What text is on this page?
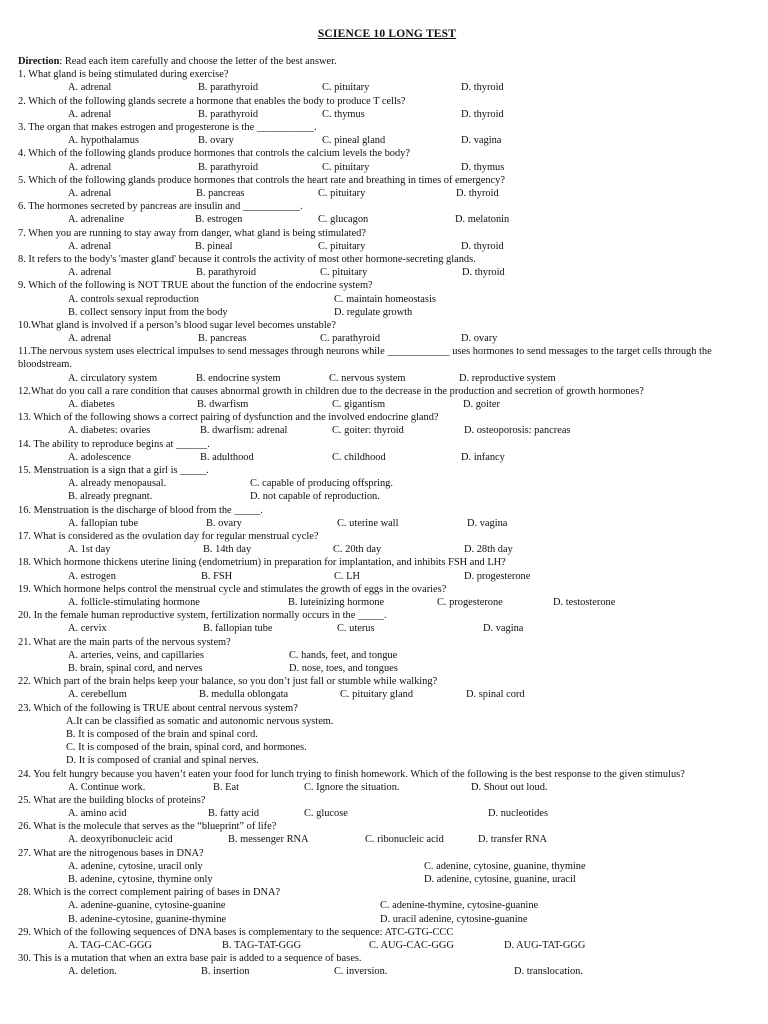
SCIENCE 10 LONG TEST
Direction: Read each item carefully and choose the letter of the best answer.
1. What gland is being stimulated during exercise?
A. adrenal	B. parathyroid	C. pituitary	D. thyroid
2. Which of the following glands secrete a hormone that enables the body to produce T cells?
A. adrenal	B. parathyroid	C. thymus	D. thyroid
3. The organ that makes estrogen and progesterone is the ___________.
A. hypothalamus	B. ovary	C. pineal gland	D. vagina
4. Which of the following glands produce hormones that controls the calcium levels the body?
A. adrenal	B. parathyroid	C. pituitary	D. thymus
5. Which of the following glands produce hormones that controls the heart rate and breathing in times of emergency?
A. adrenal	B. pancreas	C. pituitary	D. thyroid
6. The hormones secreted by pancreas are insulin and ___________.
A. adrenaline	B. estrogen	C. glucagon	D. melatonin
7. When you are running to stay away from danger, what gland is being stimulated?
A. adrenal	B. pineal	C. pituitary	D. thyroid
8. It refers to the body's 'master gland' because it controls the activity of most other hormone-secreting glands.
A. adrenal	B. parathyroid	C. pituitary	D. thyroid
9. Which of the following is NOT TRUE about the function of the endocrine system?
A. controls sexual reproduction	C. maintain homeostasis
B. collect sensory input from the body	D. regulate growth
10.What gland is involved if a person’s blood sugar level becomes unstable?
A. adrenal	B. pancreas	C. parathyroid	D. ovary
11.The nervous system uses electrical impulses to send messages through neurons while ____________ uses hormones to send messages to the target cells through the bloodstream.
A. circulatory system	B. endocrine system	C. nervous system	D. reproductive system
12.What do you call a rare condition that causes abnormal growth in children due to the decrease in the production and secretion of growth hormones?
A. diabetes	B. dwarfism	C. gigantism	D. goiter
13. Which of the following shows a correct pairing of dysfunction and the involved endocrine gland?
A. diabetes: ovaries	B. dwarfism: adrenal	C. goiter: thyroid	D. osteoporosis: pancreas
14. The ability to reproduce begins at ______.
A. adolescence	B. adulthood	C. childhood	D. infancy
15. Menstruation is a sign that a girl is _____.
A. already menopausal.	C. capable of producing offspring.
B. already pregnant.	D. not capable of reproduction.
16. Menstruation is the discharge of blood from the _____.
A. fallopian tube	B. ovary	C. uterine wall	D. vagina
17. What is considered as the ovulation day for regular menstrual cycle?
A. 1st day	B. 14th day	C. 20th day	D. 28th day
18. Which hormone thickens uterine lining (endometrium) in preparation for implantation, and inhibits FSH and LH?
A. estrogen	B. FSH	C. LH	D. progesterone
19. Which hormone helps control the menstrual cycle and stimulates the growth of eggs in the ovaries?
A. follicle-stimulating hormone	B. luteinizing hormone	C. progesterone	D. testosterone
20. In the female human reproductive system, fertilization normally occurs in the _____.
A. cervix	B. fallopian tube	C. uterus	D. vagina
21. What are the main parts of the nervous system?
A. arteries, veins, and capillaries	C. hands, feet, and tongue
B. brain, spinal cord, and nerves	D. nose, toes, and tongues
22. Which part of the brain helps keep your balance, so you don’t just fall or stumble while walking?
A. cerebellum	B. medulla oblongata	C. pituitary gland	D. spinal cord
23. Which of the following is TRUE about central nervous system?
A.It can be classified as somatic and autonomic nervous system.
B. It is composed of the brain and spinal cord.
C. It is composed of the brain, spinal cord, and hormones.
D. It is composed of cranial and spinal nerves.
24. You felt hungry because you haven’t eaten your food for lunch trying to finish homework. Which of the following is the best response to the given stimulus?
A. Continue work.	B. Eat	C. Ignore the situation.	D. Shout out loud.
25. What are the building blocks of proteins?
A. amino acid	B. fatty acid	C. glucose	D. nucleotides
26. What is the molecule that serves as the “blueprint” of life?
A. deoxyribonucleic acid	B. messenger RNA	C. ribonucleic acid	D. transfer RNA
27. What are the nitrogenous bases in DNA?
A. adenine, cytosine, uracil only	C. adenine, cytosine, guanine, thymine
B. adenine, cytosine, thymine only	D. adenine, cytosine, guanine, uracil
28. Which is the correct complement pairing of bases in DNA?
A. adenine-guanine, cytosine-guanine	C. adenine-thymine, cytosine-guanine
B. adenine-cytosine, guanine-thymine	D. uracil adenine, cytosine-guanine
29. Which of the following sequences of DNA bases is complementary to the sequence: ATC-GTG-CCC
A. TAG-CAC-GGG	B. TAG-TAT-GGG	C. AUG-CAC-GGG	D. AUG-TAT-GGG
30. This is a mutation that when an extra base pair is added to a sequence of bases.
A. deletion.	B. insertion	C. inversion.	D. translocation.
